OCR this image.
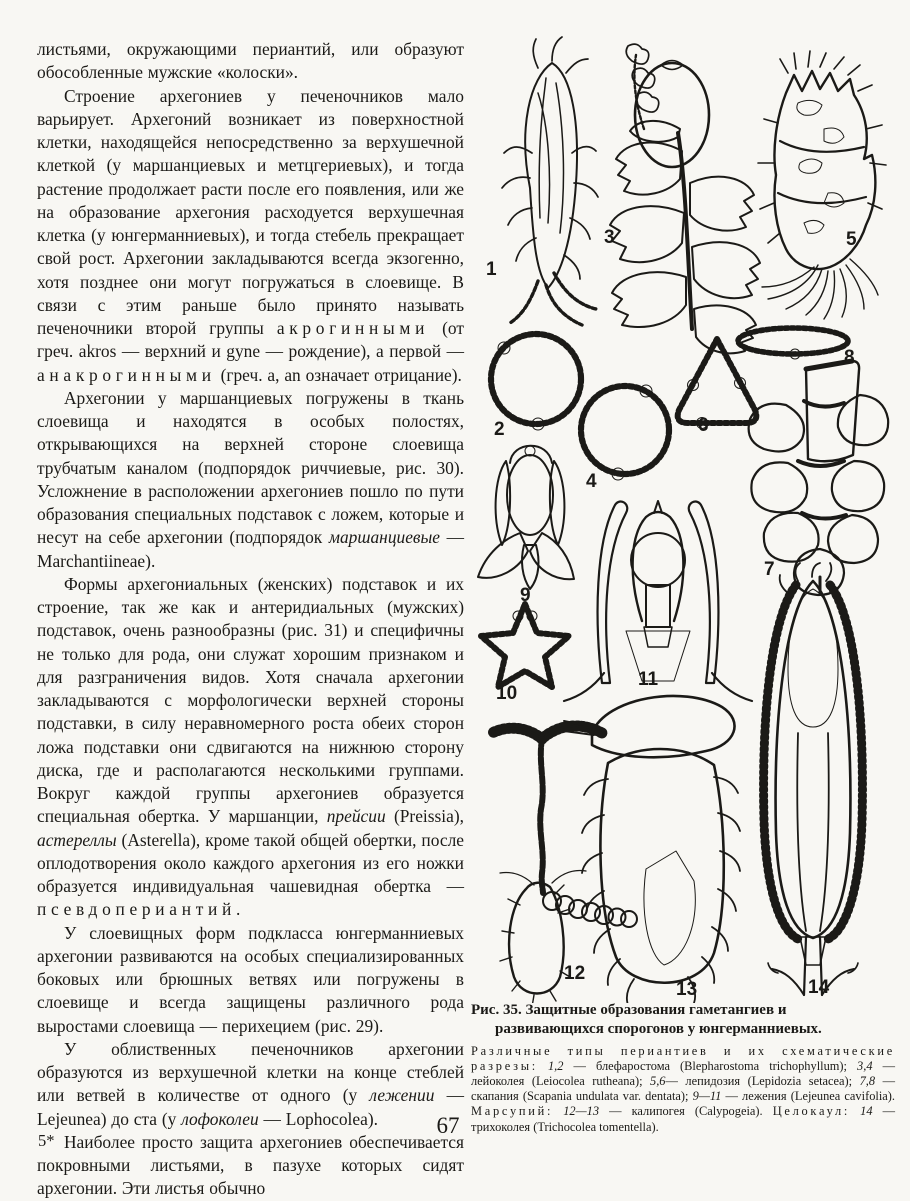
листьями, окружающими периантий, или образуют обособленные мужские «колоски».

Строение архегониев у печеночников мало варьирует. Архегоний возникает из поверхностной клетки, находящейся непосредственно за верхушечной клеткой (у маршанциевых и метцгериевых), и тогда растение продолжает расти после его появления, или же на образование архегония расходуется верхушечная клетка (у юнгерманниевых), и тогда стебель прекращает свой рост. Архегонии закладываются всегда экзогенно, хотя позднее они могут погружаться в слоевище. В связи с этим раньше было принято называть печеночники второй группы акрогинными (от греч. akros — верхний и gyne — рождение), а первой — анакрогинными (греч. a, an означает отрицание).

Архегонии у маршанциевых погружены в ткань слоевища и находятся в особых полостях, открывающихся на верхней стороне слоевища трубчатым каналом (подпорядок риччиевые, рис. 30). Усложнение в расположении архегониев пошло по пути образования специальных подставок с ложем, которые и несут на себе архегонии (подпорядок маршанциевые — Marchantiineae).

Формы архегониальных (женских) подставок и их строение, так же как и антеридиальных (мужских) подставок, очень разнообразны (рис. 31) и специфичны не только для рода, они служат хорошим признаком и для разграничения видов. Хотя сначала архегонии закладываются с морфологически верхней стороны подставки, в силу неравномерного роста обеих сторон ложа подставки они сдвигаются на нижнюю сторону диска, где и располагаются несколькими группами. Вокруг каждой группы архегониев образуется специальная обертка. У маршанции, прейсии (Preissia), астереллы (Asterella), кроме такой общей обертки, после оплодотворения около каждого архегония из его ножки образуется индивидуальная чашевидная обертка — псевдопериантий.

У слоевищных форм подкласса юнгерманниевых архегонии развиваются на особых специализированных боковых или брюшных ветвях или погружены в слоевище и всегда защищены различного рода выростами слоевища — перихецием (рис. 29).

У облиственных печеночников архегонии образуются из верхушечной клетки на конце стеблей или ветвей в количестве от одного (у лежении — Lejeunea) до ста (у лофоколеи — Lophocolea).

Наиболее просто защита архегониев обеспечивается покровными листьями, в пазухе которых сидят архегонии. Эти листья обычно

1
3	5
2
4
6
8
7
9
11
10
12
13	14

Рис. 35. Защитные образования гаметангиев и развивающихся спорогонов у юнгерманниевых.

Различные типы периантиев и их схематические разрезы: 1,2 — блефаростома (Blepharostoma trichophyllum); 3,4 — лейоколея (Leiocolea rutheana); 5,6— лепидозия (Lepidozia setacea); 7,8 — скапания (Scapania undulata var. dentata); 9—11 — лежения (Lejeunea cavifolia). Марсупий: 12—13 — калипогея (Calypogeia). Целокаул: 14 — трихоколея (Trichocolea tomentella).

5*
67
